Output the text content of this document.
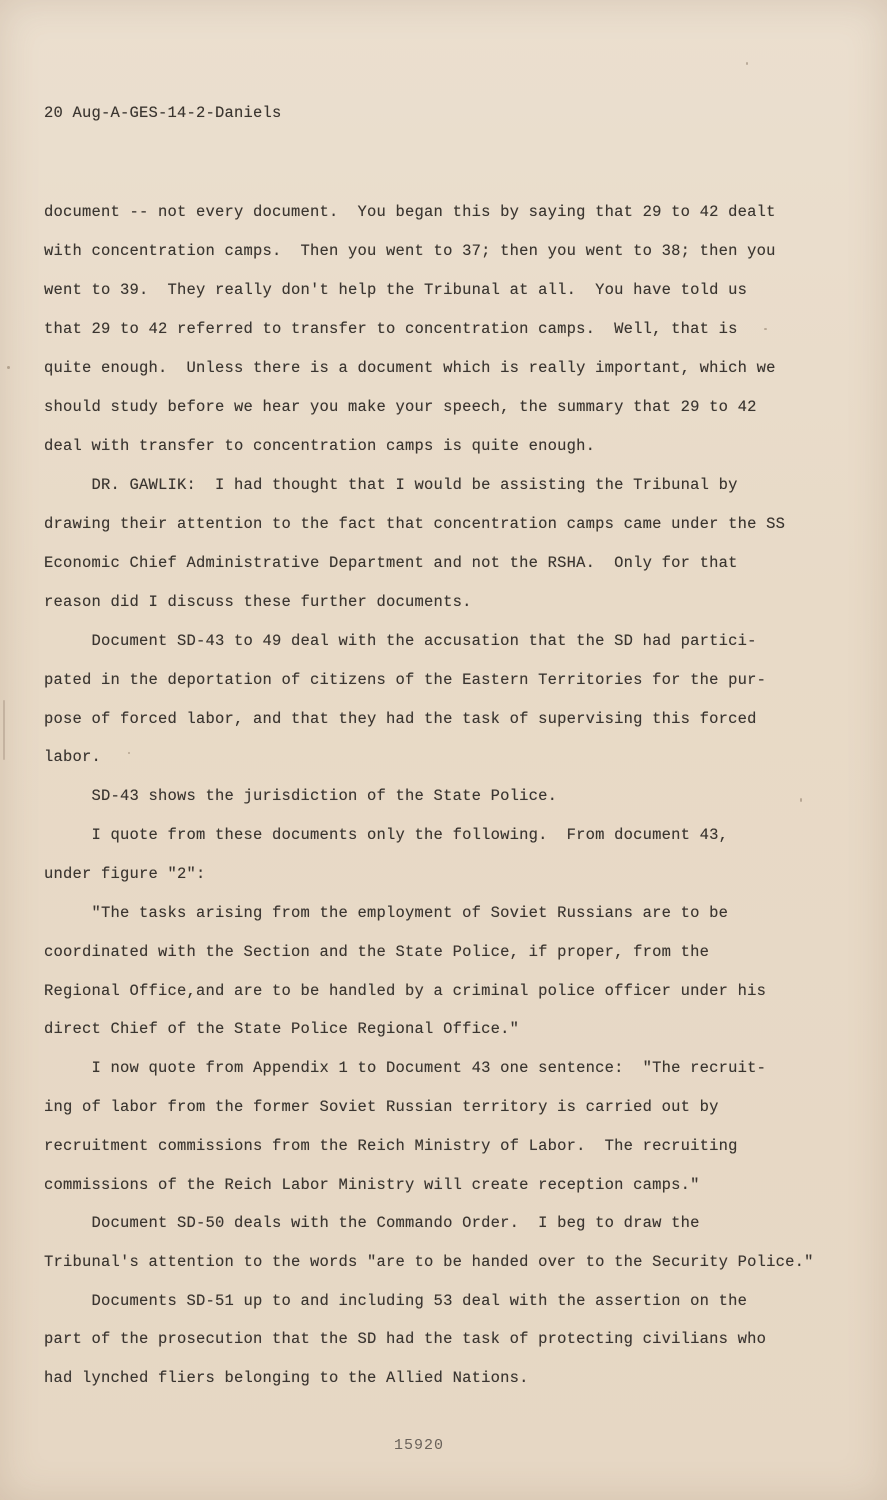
20 Aug-A-GES-14-2-Daniels
document -- not every document.  You began this by saying that 29 to 42 dealt
with concentration camps.  Then you went to 37; then you went to 38; then you
went to 39.  They really don't help the Tribunal at all.  You have told us
that 29 to 42 referred to transfer to concentration camps.  Well, that is
quite enough.  Unless there is a document which is really important, which we
should study before we hear you make your speech, the summary that 29 to 42
deal with transfer to concentration camps is quite enough.
DR. GAWLIK:  I had thought that I would be assisting the Tribunal by
drawing their attention to the fact that concentration camps came under the SS
Economic Chief Administrative Department and not the RSHA.  Only for that
reason did I discuss these further documents.
Document SD-43 to 49 deal with the accusation that the SD had partici-
pated in the deportation of citizens of the Eastern Territories for the pur-
pose of forced labor, and that they had the task of supervising this forced
labor.
SD-43 shows the jurisdiction of the State Police.
I quote from these documents only the following.  From document 43,
under figure "2":
"The tasks arising from the employment of Soviet Russians are to be
coordinated with the Section and the State Police, if proper, from the
Regional Office,and are to be handled by a criminal police officer under his
direct Chief of the State Police Regional Office."
I now quote from Appendix 1 to Document 43 one sentence:  "The recruit-
ing of labor from the former Soviet Russian territory is carried out by
recruitment commissions from the Reich Ministry of Labor.  The recruiting
commissions of the Reich Labor Ministry will create reception camps."
Document SD-50 deals with the Commando Order.  I beg to draw the
Tribunal's attention to the words "are to be handed over to the Security Police."
Documents SD-51 up to and including 53 deal with the assertion on the
part of the prosecution that the SD had the task of protecting civilians who
had lynched fliers belonging to the Allied Nations.
15920
